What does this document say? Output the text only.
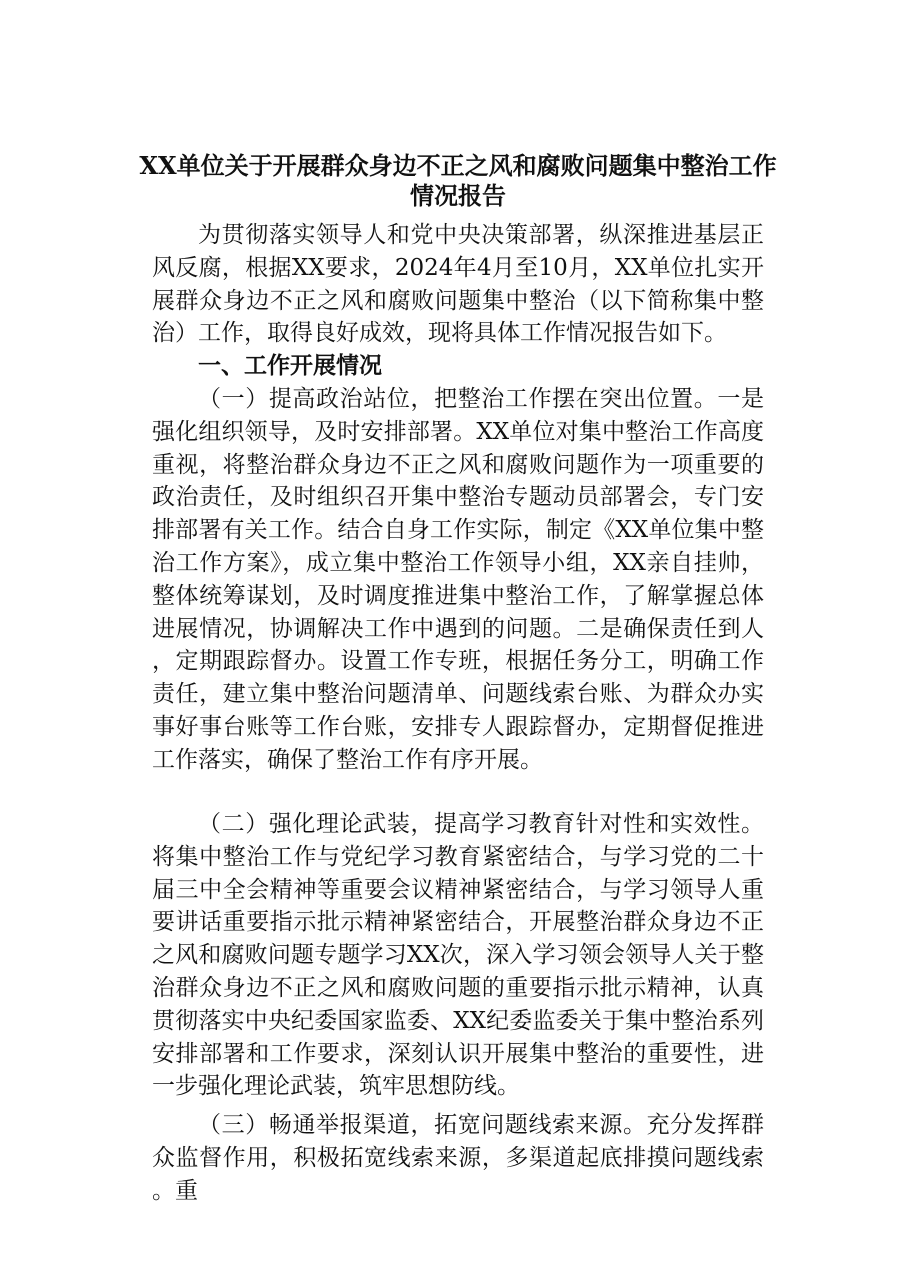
XX单位关于开展群众身边不正之风和腐败问题集中整治工作
情况报告

为贯彻落实领导人和党中央决策部署，纵深推进基层正风反腐，根据XX要求，2024年4月至10月，XX单位扎实开展群众身边不正之风和腐败问题集中整治（以下简称集中整治）工作，取得良好成效，现将具体工作情况报告如下。

一、工作开展情况

（一）提高政治站位，把整治工作摆在突出位置。一是强化组织领导，及时安排部署。XX单位对集中整治工作高度重视，将整治群众身边不正之风和腐败问题作为一项重要的政治责任，及时组织召开集中整治专题动员部署会，专门安排部署有关工作。结合自身工作实际，制定《XX单位集中整治工作方案》，成立集中整治工作领导小组，XX亲自挂帅，整体统筹谋划，及时调度推进集中整治工作，了解掌握总体进展情况，协调解决工作中遇到的问题。二是确保责任到人，定期跟踪督办。设置工作专班，根据任务分工，明确工作责任，建立集中整治问题清单、问题线索台账、为群众办实事好事台账等工作台账，安排专人跟踪督办，定期督促推进工作落实，确保了整治工作有序开展。

（二）强化理论武装，提高学习教育针对性和实效性。将集中整治工作与党纪学习教育紧密结合，与学习党的二十届三中全会精神等重要会议精神紧密结合，与学习领导人重要讲话重要指示批示精神紧密结合，开展整治群众身边不正之风和腐败问题专题学习XX次，深入学习领会领导人关于整治群众身边不正之风和腐败问题的重要指示批示精神，认真贯彻落实中央纪委国家监委、XX纪委监委关于集中整治系列安排部署和工作要求，深刻认识开展集中整治的重要性，进一步强化理论武装，筑牢思想防线。

（三）畅通举报渠道，拓宽问题线索来源。充分发挥群众监督作用，积极拓宽线索来源，多渠道起底排摸问题线索。重
